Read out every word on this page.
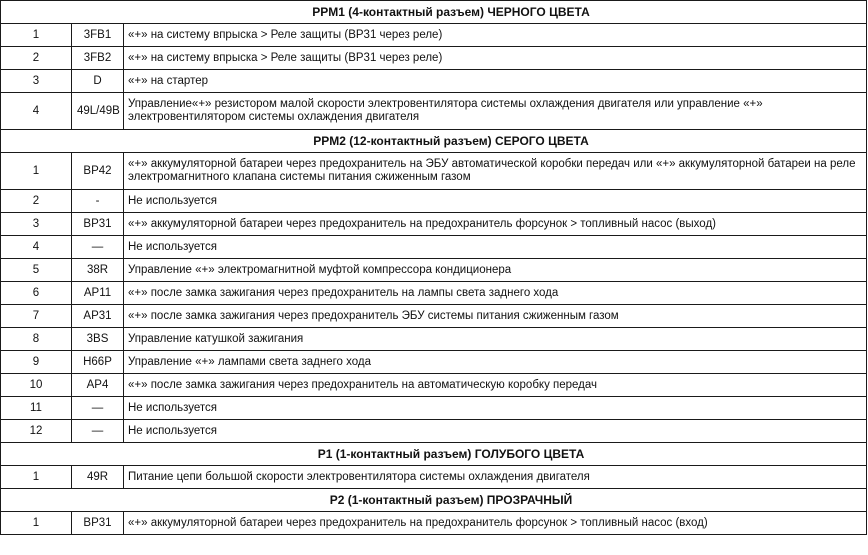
PPM1 (4-контактный разъем) ЧЕРНОГО ЦВЕТА		
1	3FB1	«+» на систему впрыска > Реле защиты (ВР31 через реле)
2	3FB2	«+» на систему впрыска > Реле защиты (ВР31 через реле)
3	D	«+» на стартер
4	49L/49B	Управление«+» резистором малой скорости электровентилятора системы охлаждения двигателя или управление «+» электровентилятором системы охлаждения двигателя
PPM2 (12-контактный разъем) СЕРОГО ЦВЕТА		
1	BP42	«+» аккумуляторной батареи через предохранитель на ЭБУ автоматической коробки передач или «+» аккумуляторной батареи на реле электромагнитного клапана системы питания сжиженным газом
2	-	Не используется
3	BP31	«+» аккумуляторной батареи через предохранитель на предохранитель форсунок > топливный насос (выход)
4	—	Не используется
5	38R	Управление «+» электромагнитной муфтой компрессора кондиционера
6	AP11	«+» после замка зажигания через предохранитель на лампы света заднего хода
7	AP31	«+» после замка зажигания через предохранитель ЭБУ системы питания сжиженным газом
8	3BS	Управление катушкой зажигания
9	H66P	Управление «+» лампами света заднего хода
10	AP4	«+» после замка зажигания через предохранитель на автоматическую коробку передач
11	—	Не используется
12	—	Не используется
P1 (1-контактный разъем) ГОЛУБОГО ЦВЕТА		
1	49R	Питание цепи большой скорости электровентилятора системы охлаждения двигателя
P2 (1-контактный разъем) ПРОЗРАЧНЫЙ		
1	BP31	«+» аккумуляторной батареи через предохранитель на предохранитель форсунок > топливный насос (вход)
